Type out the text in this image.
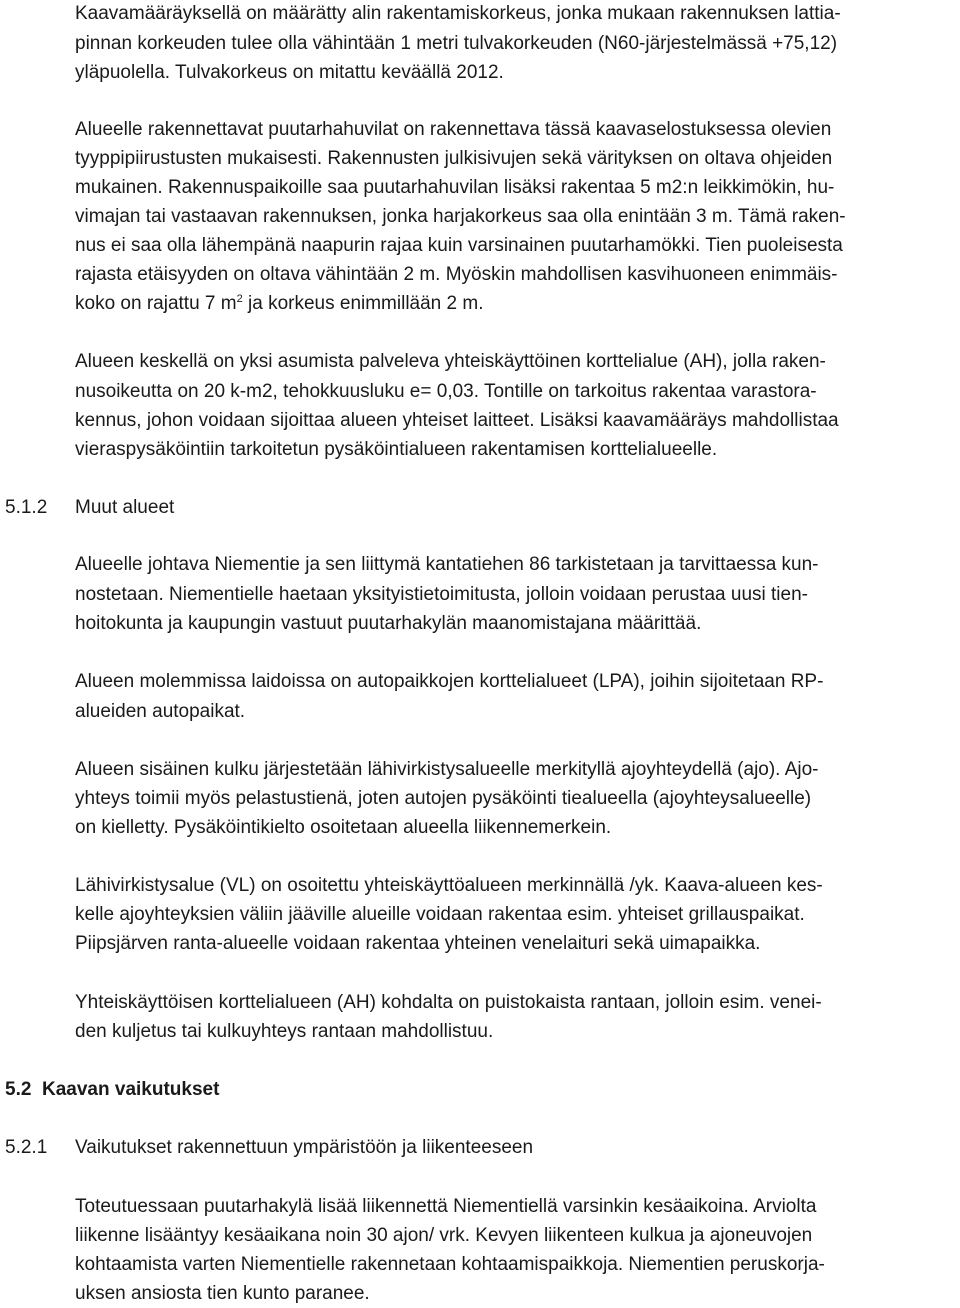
Kaavamääräyksellä on määrätty alin rakentamiskorkeus, jonka mukaan rakennuksen lattia-
pinnan korkeuden tulee olla vähintään 1 metri tulvakorkeuden (N60-järjestelmässä +75,12)
yläpuolella. Tulvakorkeus on mitattu keväällä 2012.
Alueelle rakennettavat puutarhahuvilat on rakennettava tässä kaavaselostuksessa olevien
tyyppipiirustusten mukaisesti. Rakennusten julkisivujen sekä värityksen on oltava ohjeiden
mukainen. Rakennuspaikoille saa puutarhahuvilan lisäksi rakentaa 5 m2:n leikkimökin, hu-
vimajan tai vastaavan rakennuksen, jonka harjakorkeus saa olla enintään 3 m. Tämä raken-
nus ei saa olla lähempänä naapurin rajaa kuin varsinainen puutarhamökki. Tien puoleisesta
rajasta etäisyyden on oltava vähintään 2 m. Myöskin mahdollisen kasvihuoneen enimmäis-
koko on rajattu 7 $m^2$ ja korkeus enimmillään 2 m.
Alueen keskellä on yksi asumista palveleva yhteiskäyttöinen korttelialue (AH), jolla raken-
nusoikeutta on 20 k-m2, tehokkuusluku e= 0,03. Tontille on tarkoitus rakentaa varastora-
kennus, johon voidaan sijoittaa alueen yhteiset laitteet. Lisäksi kaavamääräys mahdollistaa
vieraspysäköintiin tarkoitetun pysäköintialueen rakentamisen korttelialueelle.
5.1.2 Muut alueet
Alueelle johtava Niementie ja sen liittymä kantatiehen 86 tarkistetaan ja tarvittaessa kun-
nostetaan. Niementielle haetaan yksityistietoimitusta, jolloin voidaan perustaa uusi tien-
hoitokunta ja kaupungin vastuut puutarhakylän maanomistajana määrittää.
Alueen molemmissa laidoissa on autopaikkojen korttelialueet (LPA), joihin sijoitetaan RP-
alueiden autopaikat.
Alueen sisäinen kulku järjestetään lähivirkistysalueelle merkityllä ajoyhteydellä (ajo). Ajo-
yhteys toimii myös pelastustienä, joten autojen pysäköinti tiealueella (ajoyhteysalueelle)
on kielletty. Pysäköintikielto osoitetaan alueella liikennemerkein.
Lähivirkistysalue (VL) on osoitettu yhteiskäyttöalueen merkinnällä /yk. Kaava-alueen kes-
kelle ajoyhteyksien väliin jääville alueille voidaan rakentaa esim. yhteiset grillauspaikat.
Piipsjärven ranta-alueelle voidaan rakentaa yhteinen venelaituri sekä uimapaikka.
Yhteiskäyttöisen korttelialueen (AH) kohdalta on puistokaista rantaan, jolloin esim. venei-
den kuljetus tai kulkuyhteys rantaan mahdollistuu.
5.2 Kaavan vaikutukset
5.2.1 Vaikutukset rakennettuun ympäristöön ja liikenteeseen
Toteutuessaan puutarhakylä lisää liikennettä Niementiellä varsinkin kesäaikoina. Arviolta
liikenne lisääntyy kesäaikana noin 30 ajon/ vrk. Kevyen liikenteen kulkua ja ajoneuvojen
kohtaamista varten Niementielle rakennetaan kohtaamispaikkoja. Niementien peruskorja-
uksen ansiosta tien kunto paranee.
